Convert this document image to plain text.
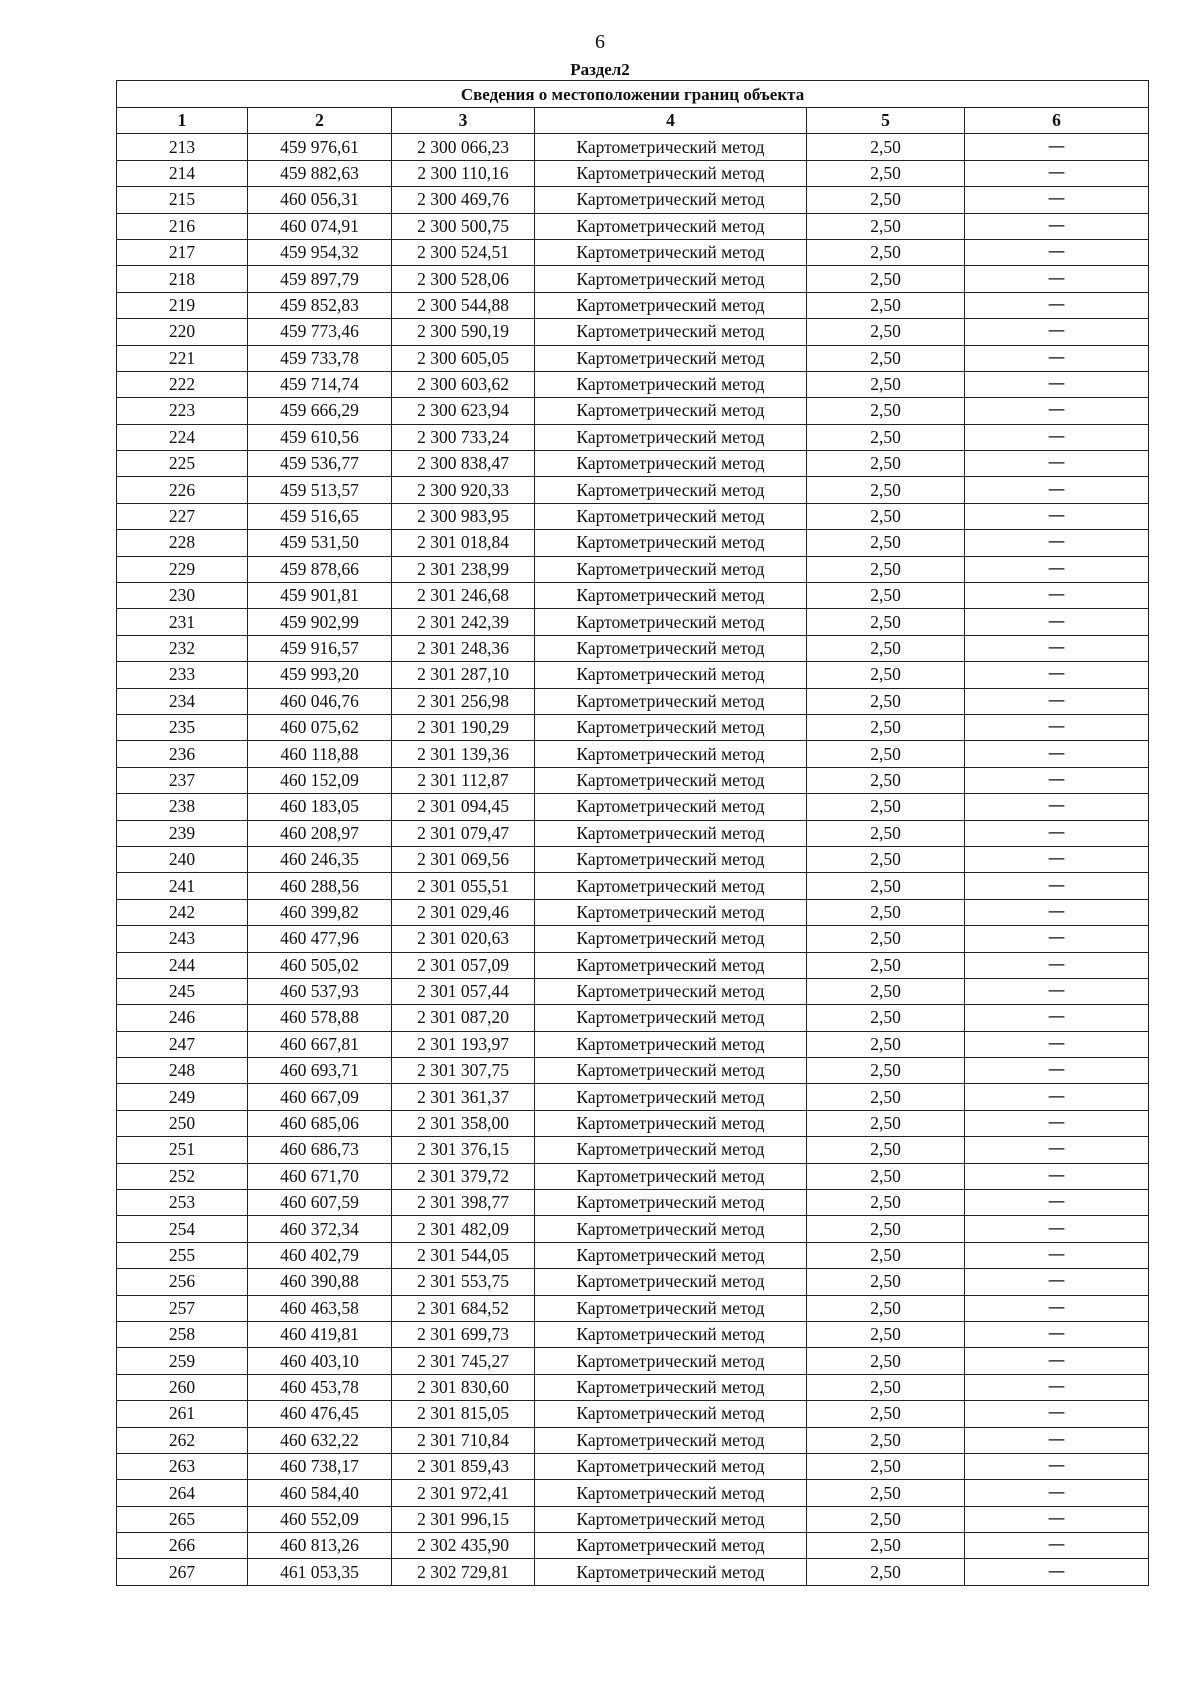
6
Раздел2
Сведения о местоположении границ объекта					
1	2	3	4	5	6
213	459 976,61	2 300 066,23	Картометрический метод	2,50	—
214	459 882,63	2 300 110,16	Картометрический метод	2,50	—
215	460 056,31	2 300 469,76	Картометрический метод	2,50	—
216	460 074,91	2 300 500,75	Картометрический метод	2,50	—
217	459 954,32	2 300 524,51	Картометрический метод	2,50	—
218	459 897,79	2 300 528,06	Картометрический метод	2,50	—
219	459 852,83	2 300 544,88	Картометрический метод	2,50	—
220	459 773,46	2 300 590,19	Картометрический метод	2,50	—
221	459 733,78	2 300 605,05	Картометрический метод	2,50	—
222	459 714,74	2 300 603,62	Картометрический метод	2,50	—
223	459 666,29	2 300 623,94	Картометрический метод	2,50	—
224	459 610,56	2 300 733,24	Картометрический метод	2,50	—
225	459 536,77	2 300 838,47	Картометрический метод	2,50	—
226	459 513,57	2 300 920,33	Картометрический метод	2,50	—
227	459 516,65	2 300 983,95	Картометрический метод	2,50	—
228	459 531,50	2 301 018,84	Картометрический метод	2,50	—
229	459 878,66	2 301 238,99	Картометрический метод	2,50	—
230	459 901,81	2 301 246,68	Картометрический метод	2,50	—
231	459 902,99	2 301 242,39	Картометрический метод	2,50	—
232	459 916,57	2 301 248,36	Картометрический метод	2,50	—
233	459 993,20	2 301 287,10	Картометрический метод	2,50	—
234	460 046,76	2 301 256,98	Картометрический метод	2,50	—
235	460 075,62	2 301 190,29	Картометрический метод	2,50	—
236	460 118,88	2 301 139,36	Картометрический метод	2,50	—
237	460 152,09	2 301 112,87	Картометрический метод	2,50	—
238	460 183,05	2 301 094,45	Картометрический метод	2,50	—
239	460 208,97	2 301 079,47	Картометрический метод	2,50	—
240	460 246,35	2 301 069,56	Картометрический метод	2,50	—
241	460 288,56	2 301 055,51	Картометрический метод	2,50	—
242	460 399,82	2 301 029,46	Картометрический метод	2,50	—
243	460 477,96	2 301 020,63	Картометрический метод	2,50	—
244	460 505,02	2 301 057,09	Картометрический метод	2,50	—
245	460 537,93	2 301 057,44	Картометрический метод	2,50	—
246	460 578,88	2 301 087,20	Картометрический метод	2,50	—
247	460 667,81	2 301 193,97	Картометрический метод	2,50	—
248	460 693,71	2 301 307,75	Картометрический метод	2,50	—
249	460 667,09	2 301 361,37	Картометрический метод	2,50	—
250	460 685,06	2 301 358,00	Картометрический метод	2,50	—
251	460 686,73	2 301 376,15	Картометрический метод	2,50	—
252	460 671,70	2 301 379,72	Картометрический метод	2,50	—
253	460 607,59	2 301 398,77	Картометрический метод	2,50	—
254	460 372,34	2 301 482,09	Картометрический метод	2,50	—
255	460 402,79	2 301 544,05	Картометрический метод	2,50	—
256	460 390,88	2 301 553,75	Картометрический метод	2,50	—
257	460 463,58	2 301 684,52	Картометрический метод	2,50	—
258	460 419,81	2 301 699,73	Картометрический метод	2,50	—
259	460 403,10	2 301 745,27	Картометрический метод	2,50	—
260	460 453,78	2 301 830,60	Картометрический метод	2,50	—
261	460 476,45	2 301 815,05	Картометрический метод	2,50	—
262	460 632,22	2 301 710,84	Картометрический метод	2,50	—
263	460 738,17	2 301 859,43	Картометрический метод	2,50	—
264	460 584,40	2 301 972,41	Картометрический метод	2,50	—
265	460 552,09	2 301 996,15	Картометрический метод	2,50	—
266	460 813,26	2 302 435,90	Картометрический метод	2,50	—
267	461 053,35	2 302 729,81	Картометрический метод	2,50	—
